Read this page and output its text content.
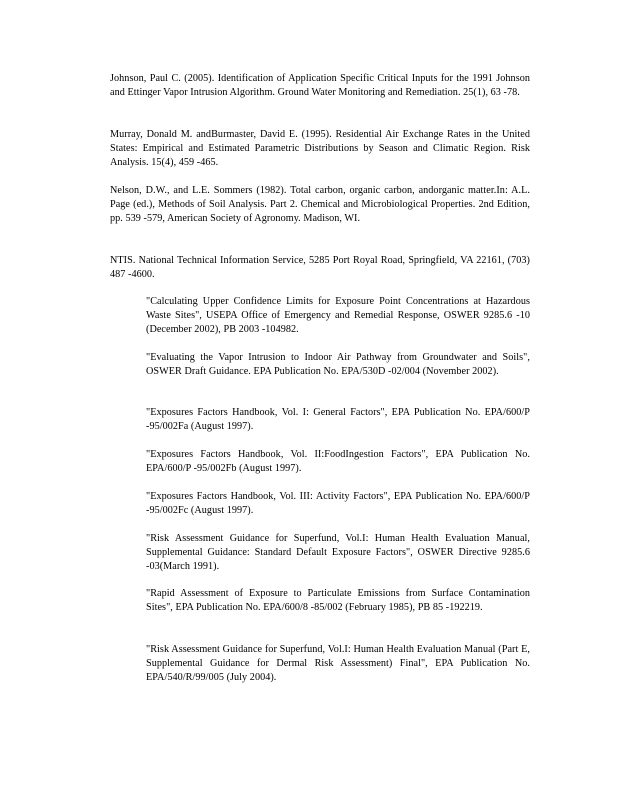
Johnson, Paul C. (2005). Identification of Application Specific Critical Inputs for the 1991 Johnson and Ettinger Vapor Intrusion Algorithm. Ground Water Monitoring and Remediation. 25(1), 63 -78.

Murray, Donald M. andBurmaster, David E. (1995). Residential Air Exchange Rates in the United States: Empirical and Estimated Parametric Distributions by Season and Climatic Region. Risk Analysis. 15(4), 459 -465.

Nelson, D.W., and L.E. Sommers (1982). Total carbon, organic carbon, andorganic matter.In: A.L. Page (ed.), Methods of Soil Analysis. Part 2. Chemical and Microbiological Properties. 2nd Edition, pp. 539 -579, American Society of Agronomy. Madison, WI.

NTIS. National Technical Information Service, 5285 Port Royal Road, Springfield, VA 22161, (703) 487 -4600.

"Calculating Upper Confidence Limits for Exposure Point Concentrations at Hazardous Waste Sites", USEPA Office of Emergency and Remedial Response, OSWER 9285.6 -10 (December 2002), PB 2003 -104982.

"Evaluating the Vapor Intrusion to Indoor Air Pathway from Groundwater and Soils", OSWER Draft Guidance. EPA Publication No. EPA/530D -02/004 (November 2002).

"Exposures Factors Handbook, Vol. I: General Factors", EPA Publication No. EPA/600/P -95/002Fa (August 1997).

"Exposures Factors Handbook, Vol. II:FoodIngestion Factors", EPA Publication No. EPA/600/P -95/002Fb (August 1997).

"Exposures Factors Handbook, Vol. III: Activity Factors", EPA Publication No. EPA/600/P -95/002Fc (August 1997).

"Risk Assessment Guidance for Superfund, Vol.I: Human Health Evaluation Manual, Supplemental Guidance: Standard Default Exposure Factors", OSWER Directive 9285.6 -03(March 1991).

"Rapid Assessment of Exposure to Particulate Emissions from Surface Contamination Sites", EPA Publication No. EPA/600/8 -85/002 (February 1985), PB 85 -192219.

"Risk Assessment Guidance for Superfund, Vol.I: Human Health Evaluation Manual (Part E, Supplemental Guidance for Dermal Risk Assessment) Final", EPA Publication No. EPA/540/R/99/005 (July 2004).
